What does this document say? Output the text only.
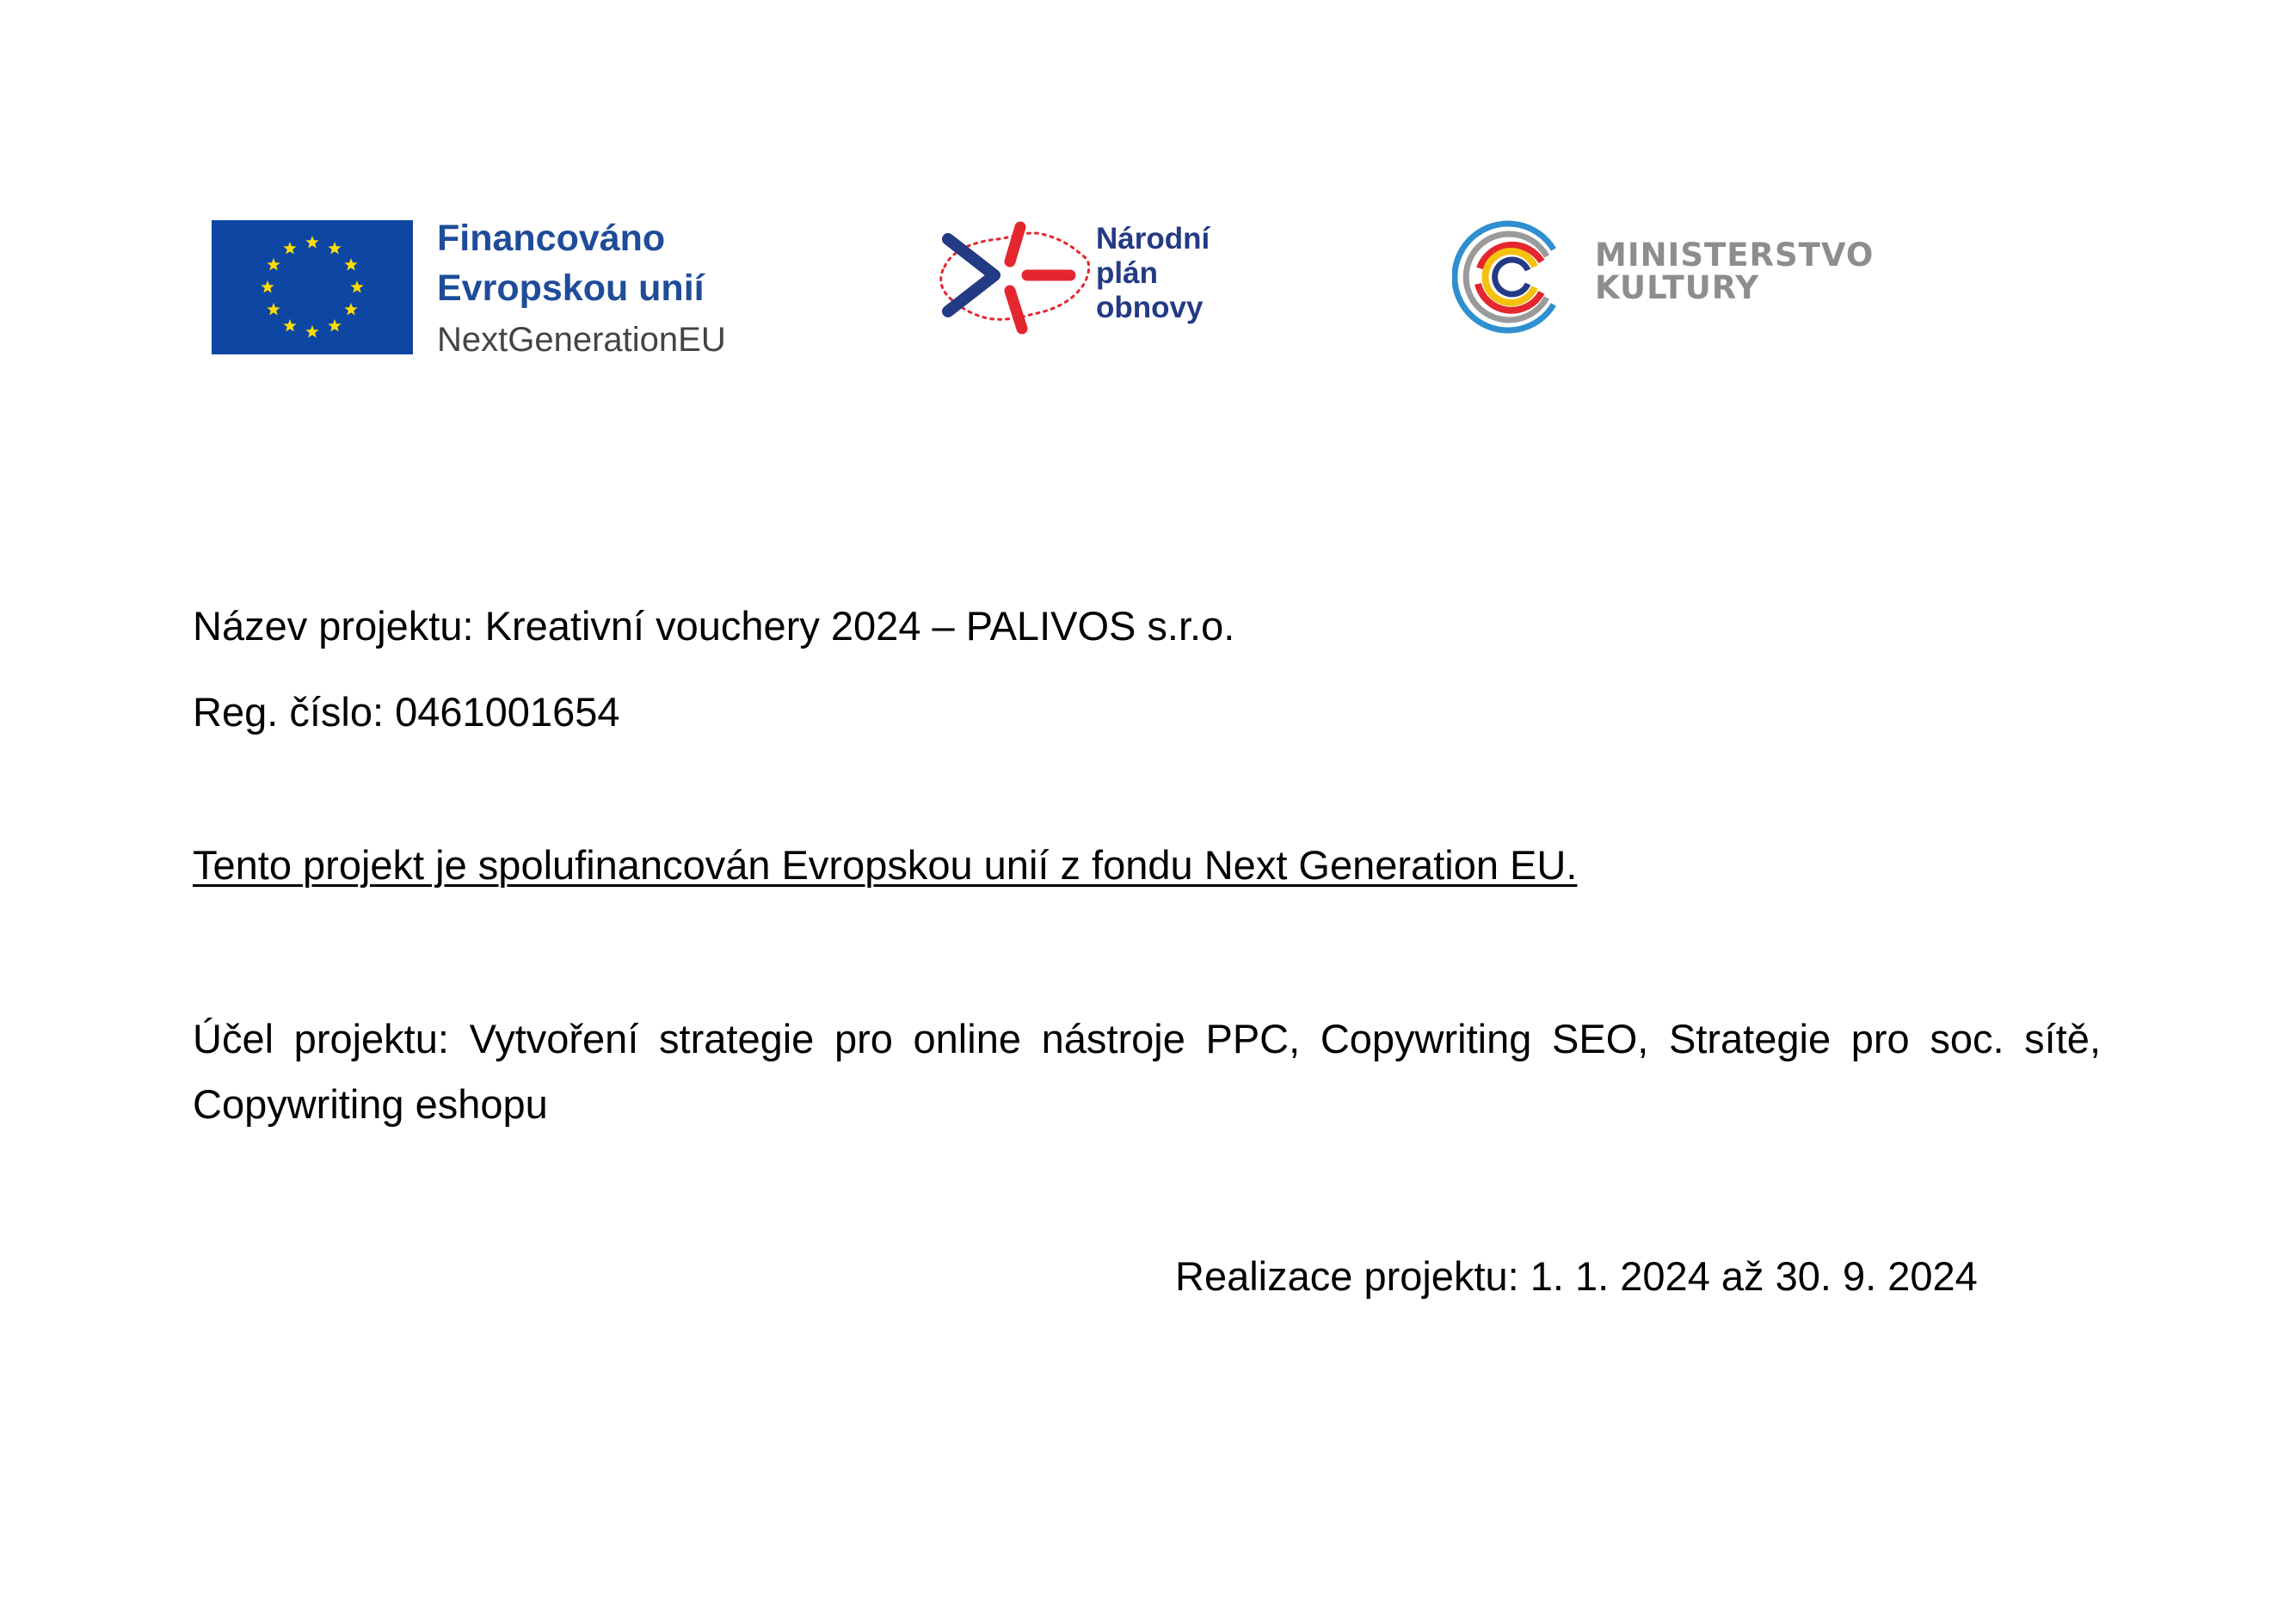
Financováno
Evropskou unií
NextGenerationEU
Národní
plán
obnovy
MINISTERSTVO
KULTURY
Název projektu: Kreativní vouchery 2024 – PALIVOS s.r.o.
Reg. číslo: 0461001654
Tento projekt je spolufinancován Evropskou unií z fondu Next Generation EU.
Účel projektu: Vytvoření strategie pro online nástroje PPC, Copywriting SEO, Strategie pro soc. sítě, Copywriting eshopu
Realizace projektu: 1. 1. 2024 až 30. 9. 2024
